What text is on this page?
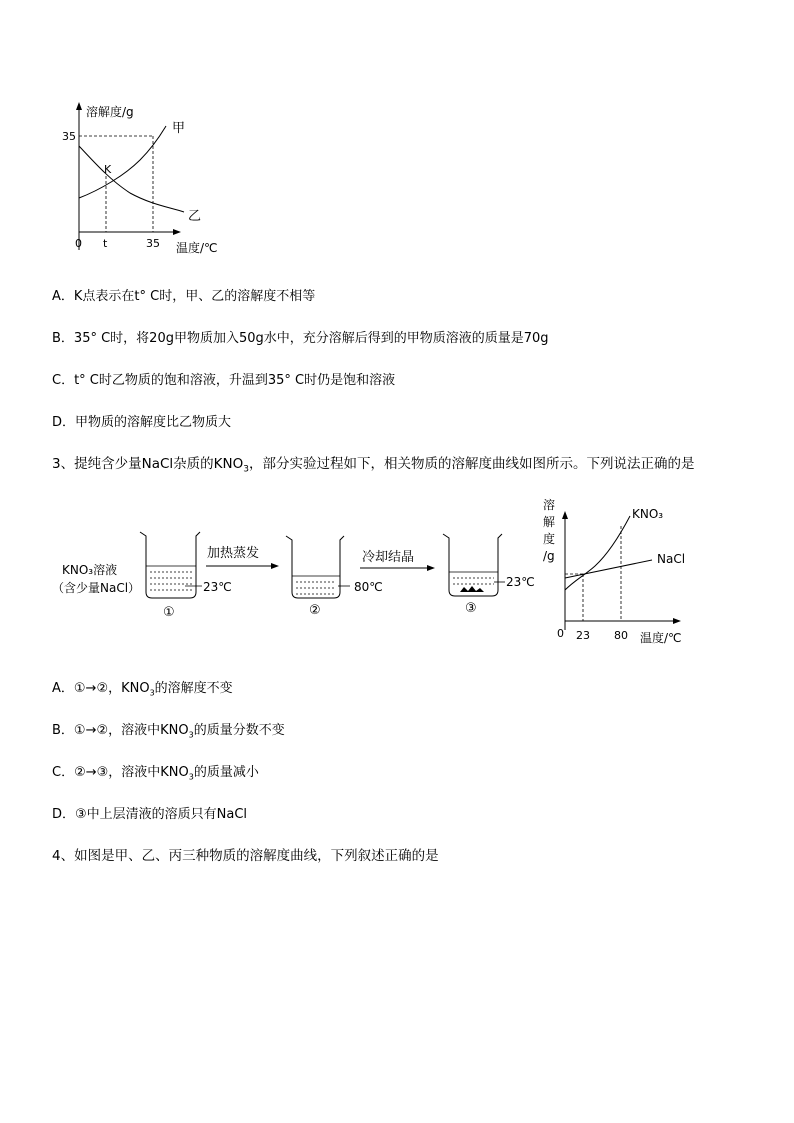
溶解度/g
35
0 t	35 温度/℃
K
甲
乙
A．K点表示在t° C时，甲、乙的溶解度不相等
B．35° C时，将20g甲物质加入50g水中，充分溶解后得到的甲物质溶液的质量是70g
C．t° C时乙物质的饱和溶液，升温到35° C时仍是饱和溶液
D．甲物质的溶解度比乙物质大
3、提纯含少量NaCl杂质的$KNO_3$，部分实验过程如下，相关物质的溶解度曲线如图所示。下列说法正确的是
KNO₃溶液
（含少量NaCl）	23℃
①
加热蒸发
80℃
②
冷却结晶
23℃
③
溶
解
度
/g
KNO₃
NaCl
0 23 80 温度/℃
A．①→②，$KNO_3$的溶解度不变
B．①→②，溶液中$KNO_3$的质量分数不变
C．②→③，溶液中$KNO_3$的质量减小
D．③中上层清液的溶质只有NaCl
4、如图是甲、乙、丙三种物质的溶解度曲线，下列叙述正确的是
